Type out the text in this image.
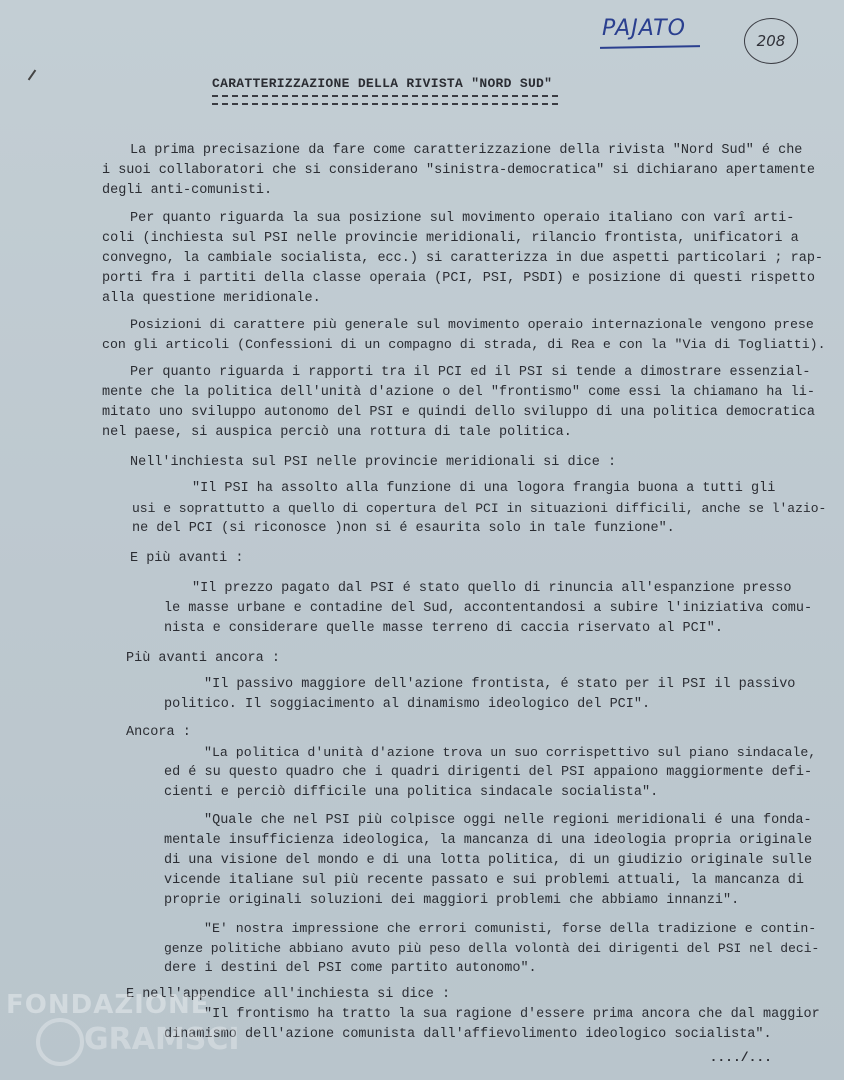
PAJATO	208
CARATTERIZZAZIONE DELLA RIVISTA "NORD SUD"
La prima precisazione da fare come caratterizzazione della rivista "Nord Sud" é che
i suoi collaboratori che si considerano "sinistra-democratica" si dichiarano apertamente
degli anti-comunisti.
Per quanto riguarda la sua posizione sul movimento operaio italiano con varî arti-
coli (inchiesta sul PSI nelle provincie meridionali, rilancio frontista, unificatori a
convegno, la cambiale socialista, ecc.) si caratterizza in due aspetti particolari ; rap-
porti fra i partiti della classe operaia (PCI, PSI, PSDI) e posizione di questi rispetto
alla questione meridionale.
Posizioni di carattere più generale sul movimento operaio internazionale vengono prese
con gli articoli (Confessioni di un compagno di strada, di Rea e con la "Via di Togliatti).
Per quanto riguarda i rapporti tra il PCI ed il PSI si tende a dimostrare essenzial-
mente che la politica dell'unità d'azione o del "frontismo" come essi la chiamano ha li-
mitato uno sviluppo autonomo del PSI e quindi dello sviluppo di una politica democratica
nel paese, si auspica perciò una rottura di tale politica.
Nell'inchiesta sul PSI nelle provincie meridionali si dice :
"Il PSI ha assolto alla funzione di una logora frangia buona a tutti gli
usi e soprattutto a quello di copertura del PCI in situazioni difficili, anche se l'azio-
ne del PCI (si riconosce )non si é esaurita solo in tale funzione".
E più avanti :
"Il prezzo pagato dal PSI é stato quello di rinuncia all'espanzione presso
le masse urbane e contadine del Sud, accontentandosi a subire l'iniziativa comu-
nista e considerare quelle masse terreno di caccia riservato al PCI".
Più avanti ancora :
"Il passivo maggiore dell'azione frontista, é stato per il PSI il passivo
politico. Il soggiacimento al dinamismo ideologico del PCI".
Ancora :
"La politica d'unità d'azione trova un suo corrispettivo sul piano sindacale,
ed é su questo quadro che i quadri dirigenti del PSI appaiono maggiormente defi-
cienti e perciò difficile una politica sindacale socialista".
"Quale che nel PSI più colpisce oggi nelle regioni meridionali é una fonda-
mentale insufficienza ideologica, la mancanza di una ideologia propria originale
di una visione del mondo e di una lotta politica, di un giudizio originale sulle
vicende italiane sul più recente passato e sui problemi attuali, la mancanza di
proprie originali soluzioni dei maggiori problemi che abbiamo innanzi".
"E' nostra impressione che errori comunisti, forse della tradizione e contin-
genze politiche abbiano avuto più peso della volontà dei dirigenti del PSI nel deci-
dere i destini del PSI come partito autonomo".
E nell'appendice all'inchiesta si dice :
"Il frontismo ha tratto la sua ragione d'essere prima ancora che dal maggior
dinamismo dell'azione comunista dall'affievolimento ideologico socialista".
..../...
FONDAZIONE
GRAMSCI
